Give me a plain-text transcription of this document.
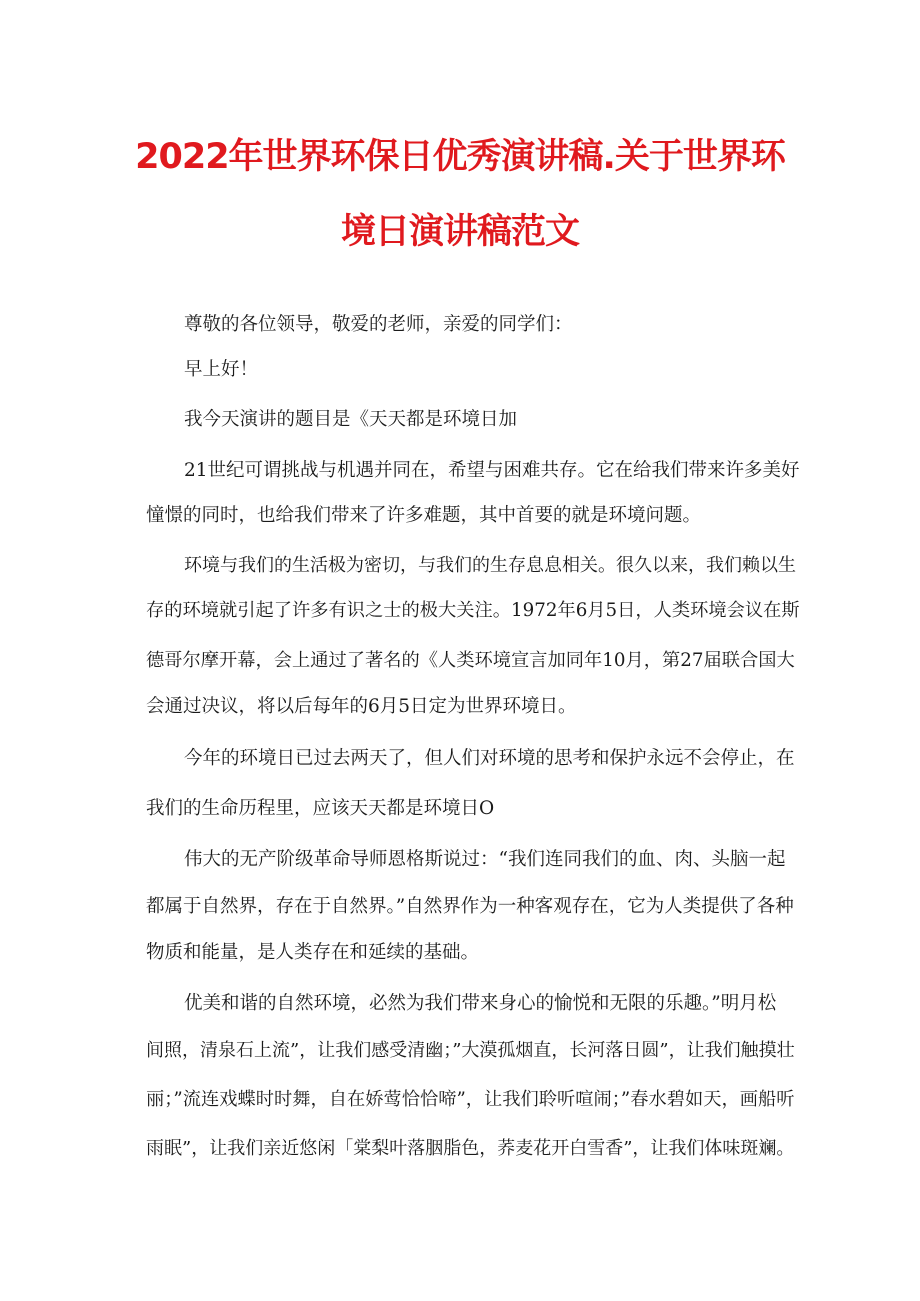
2022年世界环保日优秀演讲稿.关于世界环
境日演讲稿范文

尊敬的各位领导，敬爱的老师，亲爱的同学们：

早上好！

我今天演讲的题目是《天天都是环境日加

21世纪可谓挑战与机遇并同在，希望与困难共存。它在给我们带来许多美好

憧憬的同时，也给我们带来了许多难题，其中首要的就是环境问题。

环境与我们的生活极为密切，与我们的生存息息相关。很久以来，我们赖以生

存的环境就引起了许多有识之士的极大关注。1972年6月5日，人类环境会议在斯

德哥尔摩开幕，会上通过了著名的《人类环境宣言加同年10月，第27届联合国大

会通过决议，将以后每年的6月5日定为世界环境日。

今年的环境日已过去两天了，但人们对环境的思考和保护永远不会停止，在

我们的生命历程里，应该天天都是环境日O

伟大的无产阶级革命导师恩格斯说过：“我们连同我们的血、肉、头脑一起

都属于自然界，存在于自然界。”自然界作为一种客观存在，它为人类提供了各种

物质和能量，是人类存在和延续的基础。

优美和谐的自然环境，必然为我们带来身心的愉悦和无限的乐趣。”明月松

间照，清泉石上流”，让我们感受清幽；”大漠孤烟直，长河落日圆”，让我们触摸壮

丽；”流连戏蝶时时舞，自在娇莺恰恰啼”，让我们聆听喧闹；”春水碧如天，画船听

雨眠”，让我们亲近悠闲「棠梨叶落胭脂色，荞麦花开白雪香”，让我们体味斑斓。
